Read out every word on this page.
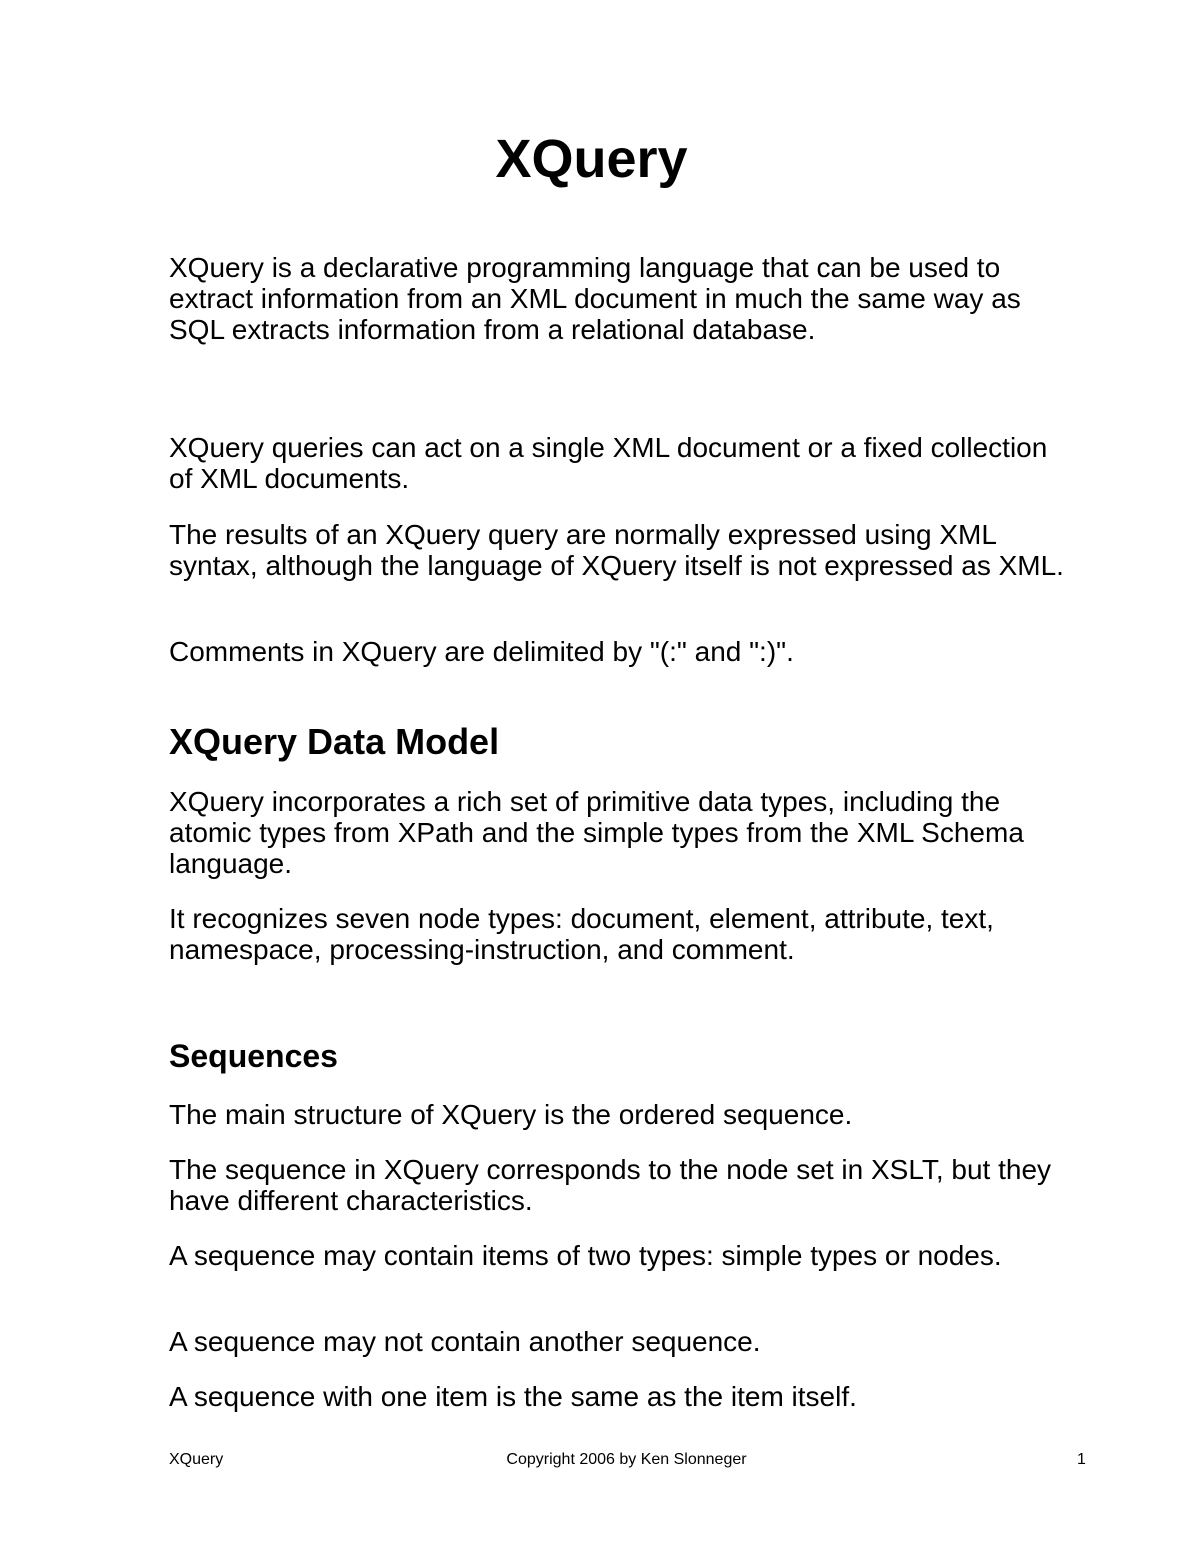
XQuery

XQuery is a declarative programming language that can be used to extract information from an XML document in much the same way as SQL extracts information from a relational database.

XQuery queries can act on a single XML document or a fixed collection of XML documents.

The results of an XQuery query are normally expressed using XML syntax, although the language of XQuery itself is not expressed as XML.

Comments in XQuery are delimited by "(:" and ":)".

XQuery Data Model

XQuery incorporates a rich set of primitive data types, including the atomic types from XPath and the simple types from the XML Schema language.

It recognizes seven node types: document, element, attribute, text, namespace, processing-instruction, and comment.

Sequences

The main structure of XQuery is the ordered sequence.

The sequence in XQuery corresponds to the node set in XSLT, but they have different characteristics.

A sequence may contain items of two types: simple types or nodes.

A sequence may not contain another sequence.

A sequence with one item is the same as the item itself.

XQuery	Copyright 2006 by Ken Slonneger	1
